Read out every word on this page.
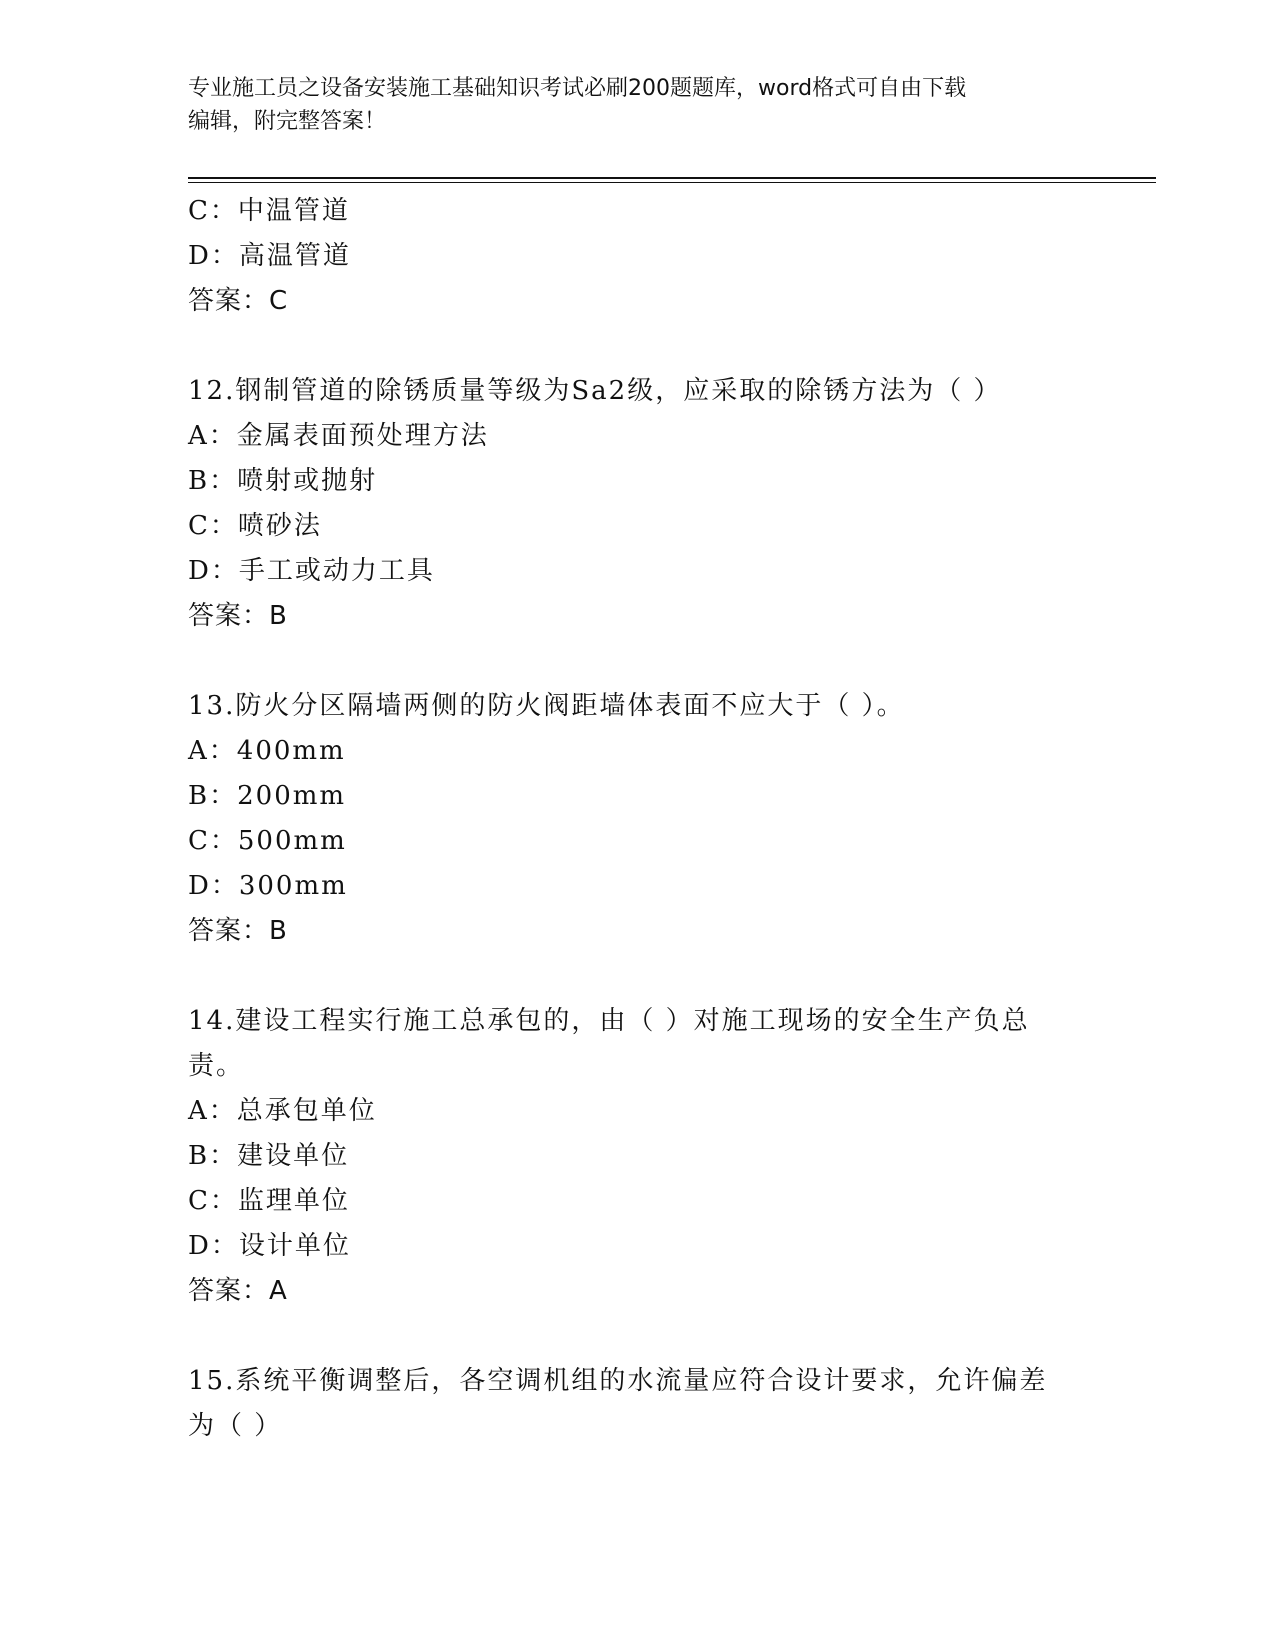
专业施工员之设备安装施工基础知识考试必刷200题题库，word格式可自由下载
编辑，附完整答案！
C：中温管道
D：高温管道
答案：C
12.钢制管道的除锈质量等级为Sa2级，应采取的除锈方法为（ ）
A：金属表面预处理方法
B：喷射或抛射
C：喷砂法
D：手工或动力工具
答案：B
13.防火分区隔墙两侧的防火阀距墙体表面不应大于（ ）。
A：400mm
B：200mm
C：500mm
D：300mm
答案：B
14.建设工程实行施工总承包的，由（ ）对施工现场的安全生产负总
责。
A：总承包单位
B：建设单位
C：监理单位
D：设计单位
答案：A
15.系统平衡调整后，各空调机组的水流量应符合设计要求，允许偏差
为（ ）
